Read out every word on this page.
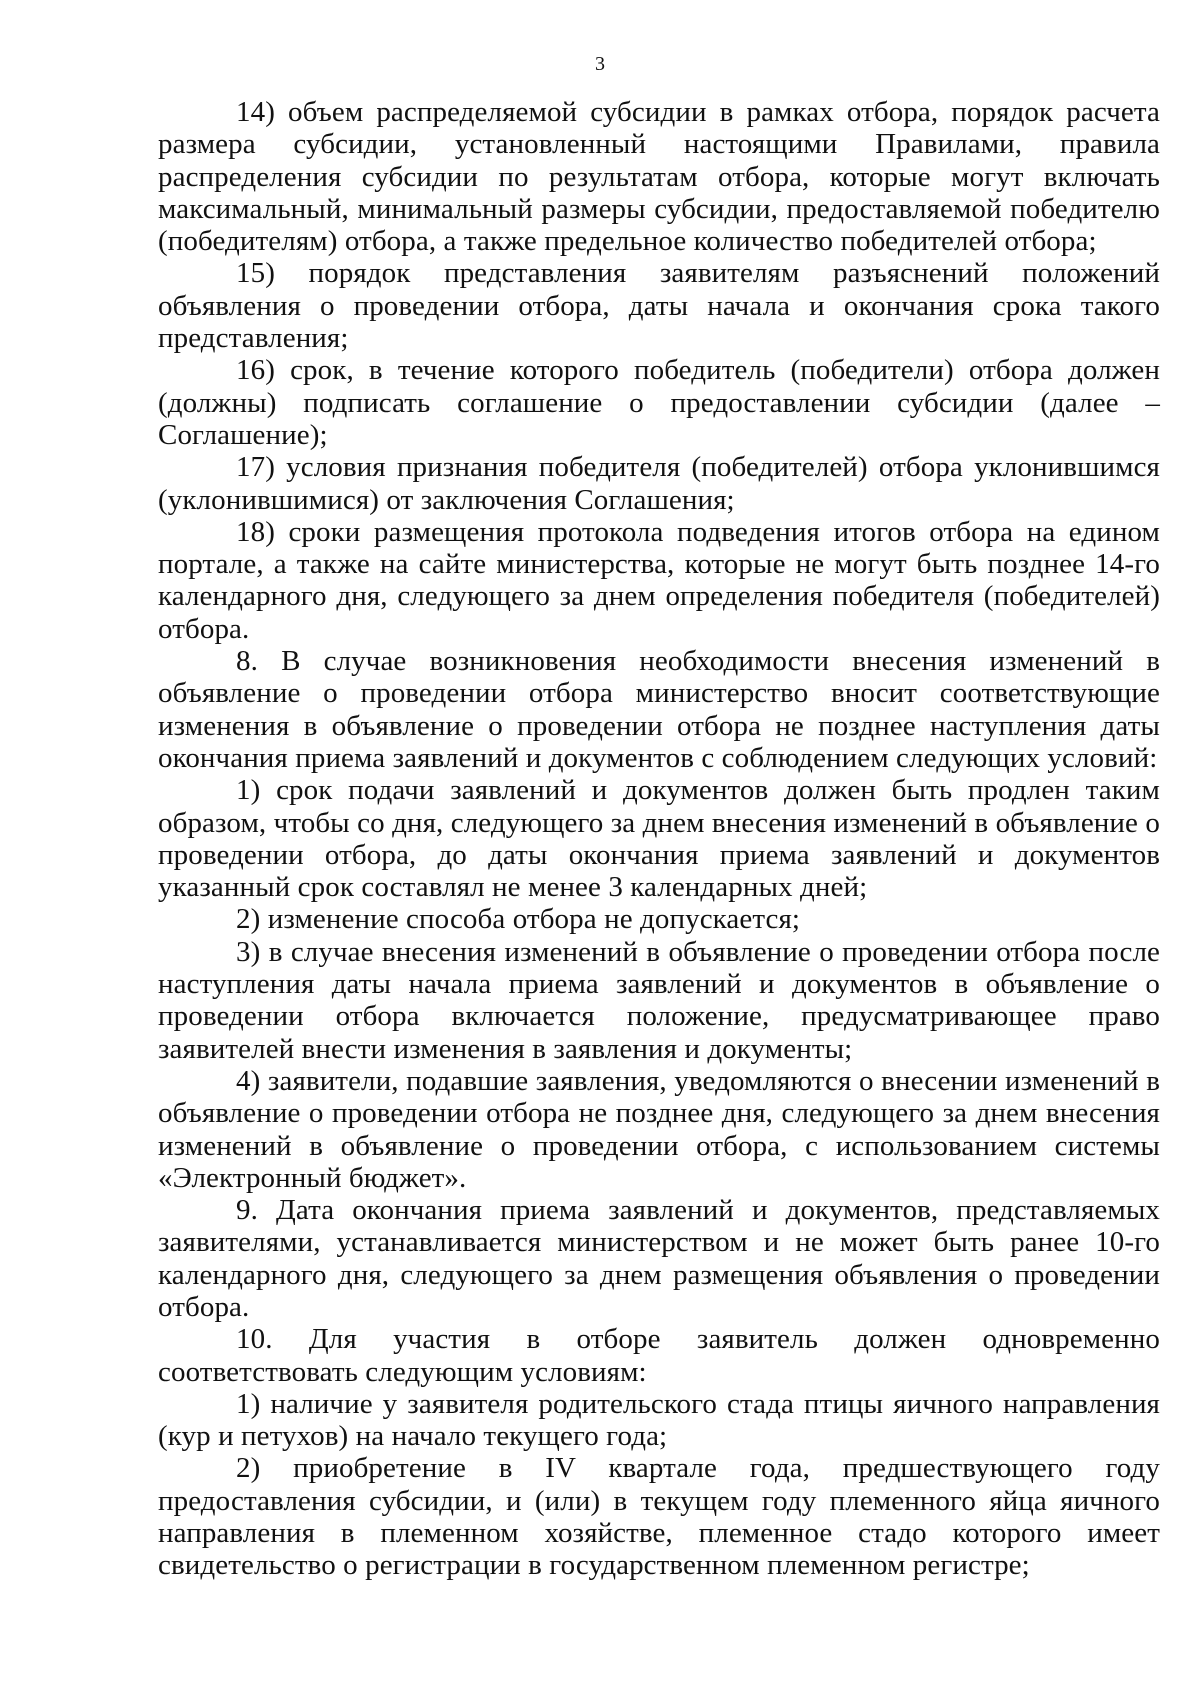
3

14) объем распределяемой субсидии в рамках отбора, порядок расчета размера субсидии, установленный настоящими Правилами, правила распределения субсидии по результатам отбора, которые могут включать максимальный, минимальный размеры субсидии, предоставляемой победителю (победителям) отбора, а также предельное количество победителей отбора;

15) порядок представления заявителям разъяснений положений объявления о проведении отбора, даты начала и окончания срока такого представления;

16) срок, в течение которого победитель (победители) отбора должен (должны) подписать соглашение о предоставлении субсидии (далее – Соглашение);

17) условия признания победителя (победителей) отбора уклонившимся (уклонившимися) от заключения Соглашения;

18) сроки размещения протокола подведения итогов отбора на едином портале, а также на сайте министерства, которые не могут быть позднее 14-го календарного дня, следующего за днем определения победителя (победителей) отбора.

8. В случае возникновения необходимости внесения изменений в объявление о проведении отбора министерство вносит соответствующие изменения в объявление о проведении отбора не позднее наступления даты окончания приема заявлений и документов с соблюдением следующих условий:

1) срок подачи заявлений и документов должен быть продлен таким образом, чтобы со дня, следующего за днем внесения изменений в объявление о проведении отбора, до даты окончания приема заявлений и документов указанный срок составлял не менее 3 календарных дней;

2) изменение способа отбора не допускается;

3) в случае внесения изменений в объявление о проведении отбора после наступления даты начала приема заявлений и документов в объявление о проведении отбора включается положение, предусматривающее право заявителей внести изменения в заявления и документы;

4) заявители, подавшие заявления, уведомляются о внесении изменений в объявление о проведении отбора не позднее дня, следующего за днем внесения изменений в объявление о проведении отбора, с использованием системы «Электронный бюджет».

9. Дата окончания приема заявлений и документов, представляемых заявителями, устанавливается министерством и не может быть ранее 10-го календарного дня, следующего за днем размещения объявления о проведении отбора.

10. Для участия в отборе заявитель должен одновременно соответствовать следующим условиям:

1) наличие у заявителя родительского стада птицы яичного направления (кур и петухов) на начало текущего года;

2) приобретение в IV квартале года, предшествующего году предоставления субсидии, и (или) в текущем году племенного яйца яичного направления в племенном хозяйстве, племенное стадо которого имеет свидетельство о регистрации в государственном племенном регистре;
